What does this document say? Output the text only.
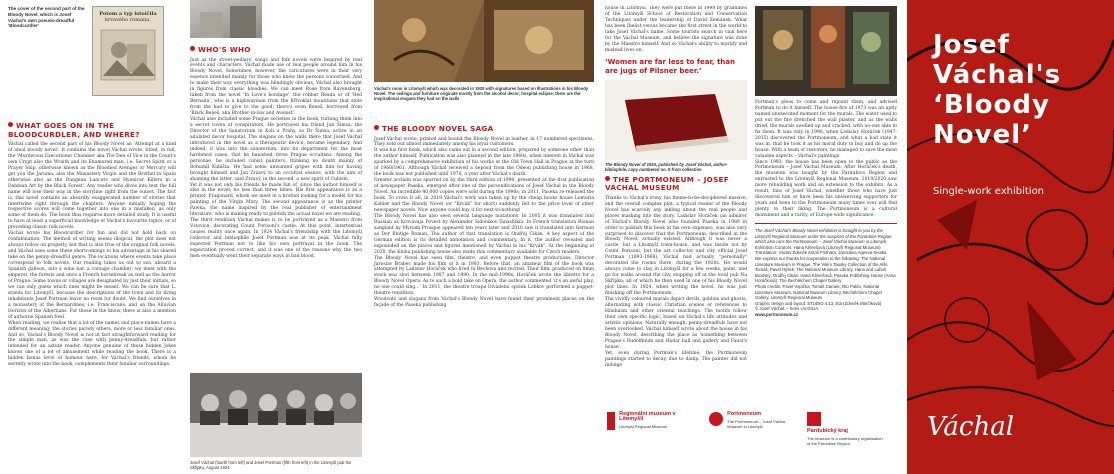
The cover of the second part of the Bloody Novel, which is Josef Váchal's own pseudo-dreadful ‘Bloodcurdler’
Potom a typ istoičila
krvavého románu.
WHAT GOES ON IN THE BLOODCURDLER, AND WHERE?

Váchal called the second part of his Bloody Novel an 'Attempt at a kind of ideal bloody novel'. It contains the novel Váchal wrote, titled, in full, the 'Murderous Executioner Chamber aka The Den of Vice in the Count's own Crypt also the Wraith and its Enamored man, i.e. Secret Spirit or a Prayer Ship, otherwise known as the Bloodied Avenger or Mercury will get you the Jaruma, also the Monastery Virgin and the Brothel in Spain otherwise also as the Dungeon Lancers and Hyenicar Killers in a Dantean Art by the Black Forest'. Any reader who dives into text the full name will lose their way in the storyline right from the outset. The fact is, this novel contains an absurdly exaggerated number of stories that intertwine right through the chapters. Anyone initially hoping the respective scores will come together into one in a mistaken, as only some of them do. The book thus requires more detailed study. It is useful to have at least a superficial knowledge of Váchal's favourite topics, or of preceding classic folk novels.

Váchal wrote his Bloodcurdler for fun and did not hold back on confabulation. The method of writing seems illogical, the plot does not always follow on properly, but that is also true of the original folk novels, and Váchal uses some these shortcomings to his advantage in his shared take on the penny-dreadful genre. The locations where events take place correspond to folk novels. Our reading takes us out to sea, aboard a Spanish galleon, into a wine bar, a corsage chamber; we meet with the emperor, the forests and once a French horsebreak as well as the horror of Prague. Some towns or villages are designated by just their initials, so we can only guess which ones might be meant. We can be sure that L. stands for Litomyšl, because the descriptions of the town and its living inhabitants Josef Portman leave no room for doubt. We find ourselves in a monastery of the Bernardines, i.e. Franciscans, and on the Alluvian Horizon of the Albertians. For those in the know, there is also a mention of airborne Spanish fowl.

When reading, we realise that a lot of the names and place-names have a different meaning; the stories parody others, more or less familiar ones. And so, Váchal's Bloody Novel is not in fact straightforward reading for the simple man, as was the case with penny-dreadfuls, but rather intended for an astute reader. Anyone genuine of those hidden jokes knows one of a lot of amusement while reading the book. There is a hidden bonus level of humour here, for Váchal's friends, whom he secretly wrote into the book, complements their familiar surroundings.

WHO'S WHO

Just as the street-pedlars' songs and folk novels were inspired by real events and characters, Váchal made use of real people around him in his Bloody Novel. Sometimes, however, the caricatures were in their very essence intended mainly for those who knew the persons concerned. And to make their way everything was blindingly obvious, Váchal also brought in figures from classic bloodies. We can meet Rose from Ravensburg, taken from the novel 'In Love's bondage', the robber Reada or of 'Red Bernada', who is a highwayman from the Křivoklát mountains that stole from the bad to give to the good; there's even Beneš, borrowed from 'Black Beneš, aka Brother-in-law and Avenist'.

Váchal also included some Prague societies in the book, turning them into a secret coven of conspirators. He portrayed his friend Jan Šimsa, the Director of the Sanatorium in Kolí u Prahy, as Dr Šimsa, active in an adulated decor hospital. The slogans on the walls there that Josef Váchal introduced in the novel as a therapeutic device, became legendary. And indeed, it was into the sanatorium, into its department for the most hardened cases, that he banished three Prague occultists. Among the personae, he included cubist painters, thinking no doubt mainly of Bohumil Kubišta. He had some unwanted gripes with him for having brought himself and Jan Zrzavý to an occultist séance, with the aim of shaming the latter, said Zrzavý, in the second, a new spirit of Cubism.

Yet it was not only his friends he made fun of, since the author himself is also in the novel; no less than three times. His first appearance is as a printer, Fragonard, whom we meet in a brothel looking for a model for his painting of the Virgin Mary. The second appearance is as the printer Pawka, the name inspired by the real publisher of entertainment literature, who is making ready to publish the actual novel we are reading.

The third rendition Váchal makes is to be portrayed as a Maestro from Vstovice, decorating Count Porisoni's castle. At this point, intertextual causes reality once again. In 1924 Váchal's friendship with the Litomyšl collector and bibliophile Josef Portman was at its peak. Váchal fully expected Portman not to like his own portrayal in the book. The expectation proved correct, and it was one of the reasons why the two men eventually went their separate ways in bad blood.

Josef Váchal (fourth from left) and Josef Portman (fifth from left) in the Litomyšl pub Na Skřipku, August 1924
Váchal's room in Litomyšl which was decorated in 1920 with signatures based on Illustrations in his Bloody Novel. The ceilings and furniture originate mostly from the alcohol decor; hospital eclipse; there are the inspirational slogans they had on the walls
THE BLOODY NOVEL SAGA

Josef Váchal wrote, printed and bound the Bloody Novel in leather, in 17 numbered specimens. They sold out almost immediately among his loyal customers.

It was his first book, which also came out in a second edition, prepared by someone other than the author himself. Publication was also planned in the late 1960s, when interest in Váchal was sparked by a comprehensive exhibition of his works at the Old Town Hall in Prague at the turn of 1960/1961. Although Váchal received a deposit from the Odeon publishing house in 1968, the book was not published until 1970, a year after Váchal's death.

Greater acclaim was spurred on by the third edition of 1990, presented at the first publication of newspaper Paseka, emerged after one of the personifications of Josef Váchal in the Bloody Novel. An incredible 40,000 copies were sold during the 1990s; in 2011, Paseka re-released the book. To cross it all, in 2019 Váchal's work was taken up by the cheap books house Lemuria Kahler and the Bloody Novel (or "Krvák" for short) suddenly fell to the price level of other newspaper novels. Now anyone could buy it for next-to-nothing!

The Bloody Novel has also seen several language mutations. In 2005 it was translated into Russian as Krovavaja Povest by Alexander Sidonikov-Tanashikia. In French translation Roman sanglant by Myriam Prosque appeared ten years later and 2010 saw it translated into German as Der Blutige Roman. The author of that translation is Ondřej Cikán. A key aspect of the German edition is its detailed annotation and commentary. In it, the author revealed and expounded on the places and figures mentioned by Váchal in his "Krvák". At the beginning of 2020, the Kniha publishing house also made this commentary available for Czech readers.

The Bloody Novel has seen film, theatre, and even puppet theatre productions. Director Jaroslav Brabec made his film of it in 1993. Before that, an amateur film of the book was attempted by Ladislav Horáček who lived in Bechova and recited. Their film, produced on 8mm stock was shot between 1987 and 1990. In the mid-1990s, Horáček wrote the libretto for a Bloody Novel Opera. As to such a bold take on Opera, the author commented 'it's an awful play, no one could sing...' In 2011, the theatre troupe Divadelní spolek Lobkov performed a puppet-theatre rendition.

Woodcuts and slogans from Váchal's Bloody Novel have found their prominent places on the façade of the Paseka publishing

house in Litomyšl. They were put there in 1998 by graduates of the Litomyšl School of Restoration and Conservation Techniques under the leadership of David Zemánek. What has been Ibelist versus became the first street in the world to take Josef Váchal's name. Some tourists search in vain here for the Váchal Museum, and believe the signature was done by the Maestro himself. And so Váchal's ability to mystify and mislead lives on.
‘Women are far less to fear, than are jugs of Pilsner beer.’
The Bloody Novel of 1924, published by Josef Váchal, author-bibliophile, copy numbered no. 9 from collection
THE PORTMONEUM – JOSEF VÁCHAL MUSEUM

Thanks to Váchal's irony, his theme-to-be-deciphered missive, and the overall complex plot, a typical reader of the Bloody Novel has scarcely any inkling about the real people and places masking into the story. Ladislav Horáček (an admirer of Váchal's Bloody Novel who founded Paseka in 1989 in order to publish this book at his own expense), was also very surprised to discover that the Portmoneum, described in the Bloody Novel, actually existed. Although it was never a castle, but a Litomyšl town-house, and was inside not by Count Porisoni, but the art collector and city official Josef Portman (1893-1968). Váchal had actually "personally" decorated the rooms there, during the 1920s. He would always come to stay in Litomyšl for a few weeks, paint, and go for walks around the city, stopping off at the local pub Na Skřipku; all of which he then used in one of his Bloody Novel plot lines. In 1924, when writing the novel, he was just finishing off the Portmoneum.

The vividly coloured murals depict devils, goblins and ghosts, alternating with classic Christian scenes or references to Hinduism and other oriental teachings. The motifs follow their own specific logic, based on Váchal's life attitudes and artistic opinions. Naturally enough, penny-dreadfuls have not been overlooked. Váchal himself wrote about the house in his Bloody Novel, describing the place as 'something between Prague's Rudolfinum and Hadar ball and gallery and Faust's house'.

Yet, even during Portman's lifetime, the Portmoneum paintings started to decay, due to damp. The painter did not indulge

Portman's pleas to come and repaint them, and advised Portman to do it himself. The house fire of 1973 was an aptly named unexecuted moment for the murals. The water used to put out the fire drenched the wall plaster, and as the walls dried, the murals swelled up and cracked, with no-one able to fix them. It was only in 1998, when Ladislav Horáček (1947-2015) discovered the Portmoneum, and what a bad state it was in, that he took it as his moral duty to buy and do up the house. With a team of restorers, he managed to save the most valuable aspects – Váchal's paintings.

Since 1993, the house has been open to the public as the Portmoneum – Josef Váchal Museum. After Horáček's death, the museum was bought by the Pardubice Region and entrusted to the Litomyšl Regional Museum. 2019/2020 saw more rebuilding work and an extension to the exhibits. As a result, fans of Josef Váchal, whether those who have just discovered him or have been his unswerving supporters for years and been to the Portmoneum many times over will find plenty to their liking. The Portmoneum is a cultural monument and a rarity, of Europe-wide significance.

The Josef Váchal's Bloody Novel exhibition is brought to you by the Litomyšl Regional Museum under the auspices of the Pardubice Region, which also runs the Portmoneum – Josef Váchal Museum in Litomyšl.
Exhibition Curators: Hana Klimešová (Litomyšl Regional Museum)
Translation: Václav Zdeněk Antoš Frishara; Jaroslava Ageeva-Sisaka
We express our thanks for cooperation to the following: The National Literature Museum in Prague, The Vilém Tausky Collection of the Alšs Tomáš, Pavel Hýsek; The National Museum Library, Hana and Luboš Brodský, Ondřej Cikán, Hana Klimešová, Paseka Publishing House (Anna Horáčková); The Bechtěchem Chapel Gallery
Photo credits: Pavel Vopička, Tomáš Caruek, Oto Palán, National Literature Museum, National Museum Library, Bechtěchem Chapel Gallery, Litomyšl Regional Museum
Graphic design and layout: STUDIO 4.13, Eta (Zdeněk Marčíková)
© Josef Váchal, – heirs c/o DILIA
www.portmoneum.cz

Regionální muzeum v Litomyšli
Litomyšl Regional Museum

Portmoneum
The Portmoneum – Josef Váchal Museum in Litomyšl

Pardubický kraj
The museum is a contributory organisation of the Pardubice Region
Josef
Váchal's
‘Bloody
Novel’
Single-work exhibition
Váchal
